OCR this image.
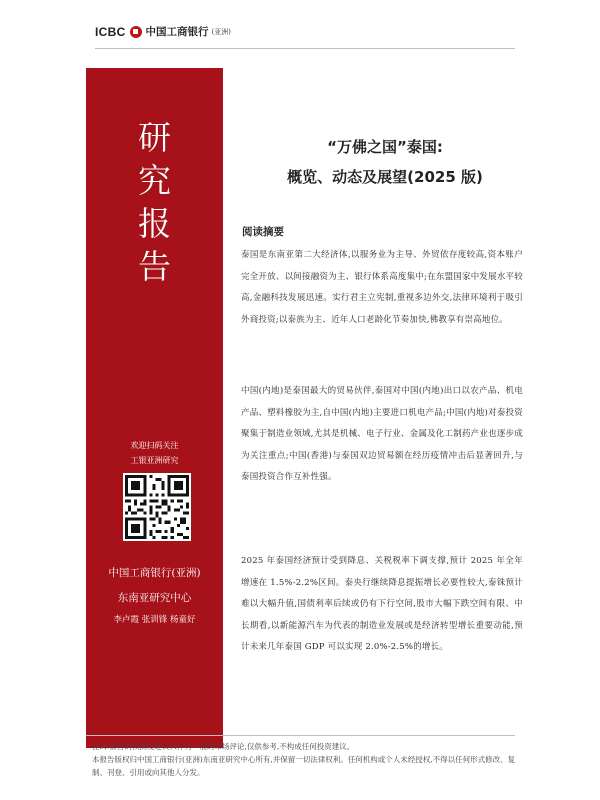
ICBC 中国工商银行 (亚洲)
研
究
报
告
欢迎扫码关注
工银亚洲研究
中国工商银行(亚洲)
东南亚研究中心
李卢霞 张训锋 杨童好
“万佛之国”泰国:
概览、动态及展望(2025 版)
阅读摘要
泰国是东南亚第二大经济体,以服务业为主导、外贸依存度较高,资本账户完全开放、以间接融资为主、银行体系高度集中;在东盟国家中发展水平较高,金融科技发展迅速。实行君主立宪制,重视多边外交,法律环境利于吸引外商投资;以泰族为主、近年人口老龄化节奏加快,佛教享有崇高地位。
中国(内地)是泰国最大的贸易伙伴,泰国对中国(内地)出口以农产品、机电产品、塑料橡胶为主,自中国(内地)主要进口机电产品;中国(内地)对泰投资聚集于制造业领域,尤其是机械、电子行业、金属及化工制药产业也逐步成为关注重点;中国(香港)与泰国双边贸易额在经历疫情冲击后显著回升,与泰国投资合作互补性强。
2025 年泰国经济预计受到降息、关税税率下调支撑,预计 2025 年全年增速在 1.5%-2.2%区间。泰央行继续降息提振增长必要性较大,泰铢预计难以大幅升值,国债利率后续或仍有下行空间,股市大幅下跌空间有限、中长期看,以新能源汽车为代表的制造业发展或是经济转型增长重要动能,预计未来几年泰国 GDP 可以实现 2.0%-2.5%的增长。
注:本报告的预测及建议只作为一般的市场评论,仅供参考,不构成任何投资建议。
本报告版权归中国工商银行(亚洲)东南亚研究中心所有,并保留一切法律权利。任何机构或个人未经授权,不得以任何形式修改、复制、刊登、引用或向其他人分发。
